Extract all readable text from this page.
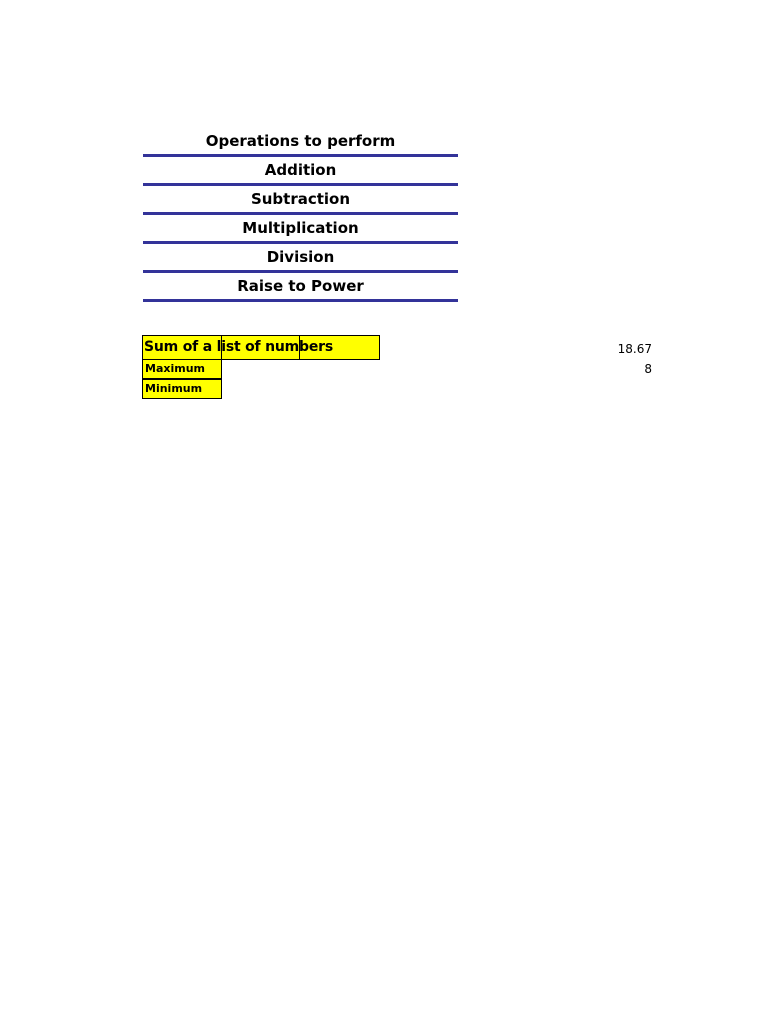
Operations to perform
Addition
Subtraction
Multiplication
Division
Raise to Power
Sum of a list of numbers	18.67
Maximum	8
Minimum
